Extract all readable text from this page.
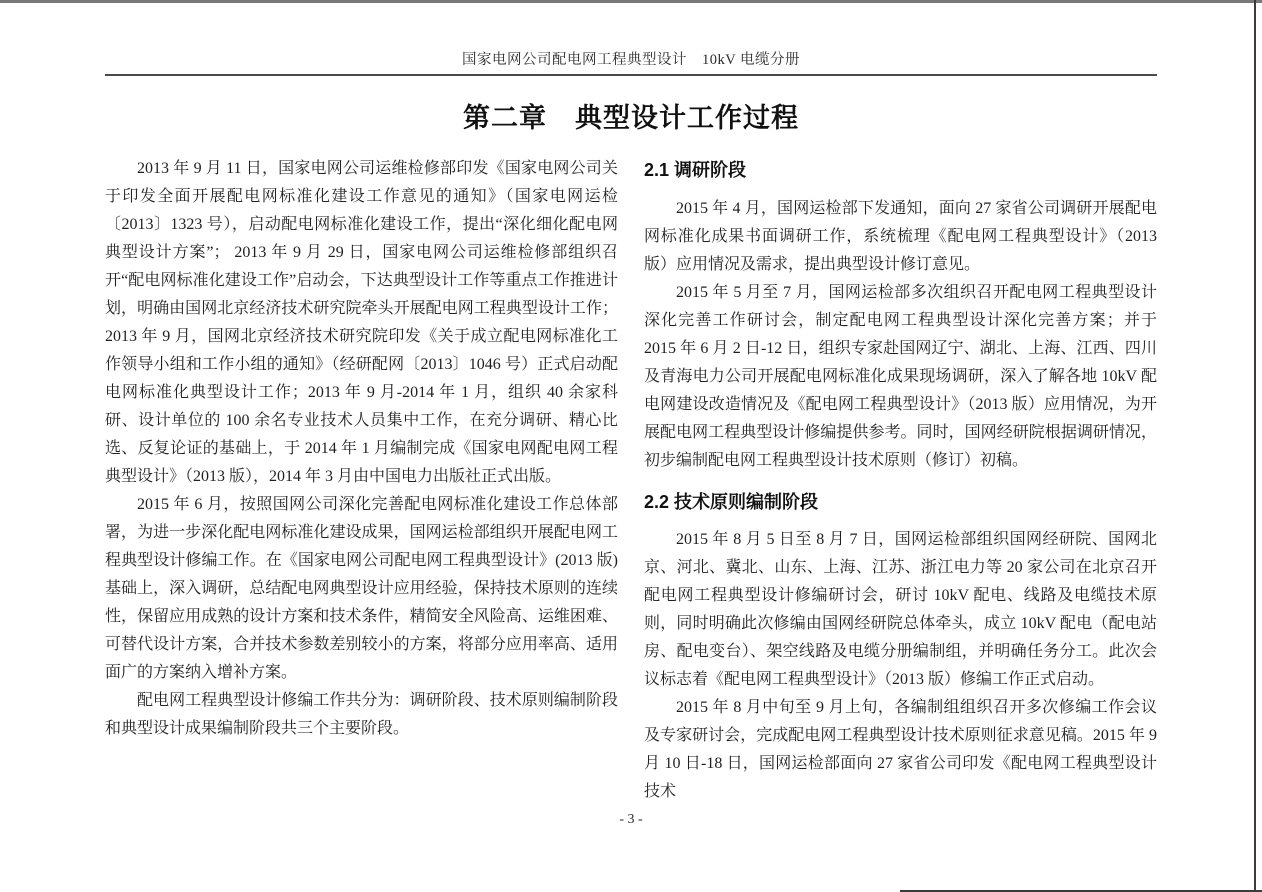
国家电网公司配电网工程典型设计　10kV 电缆分册
第二章　典型设计工作过程

2013 年 9 月 11 日，国家电网公司运维检修部印发《国家电网公司关于印发全面开展配电网标准化建设工作意见的通知》（国家电网运检〔2013〕1323 号），启动配电网标准化建设工作，提出“深化细化配电网典型设计方案”； 2013 年 9 月 29 日，国家电网公司运维检修部组织召开“配电网标准化建设工作”启动会，下达典型设计工作等重点工作推进计划，明确由国网北京经济技术研究院牵头开展配电网工程典型设计工作；2013 年 9 月，国网北京经济技术研究院印发《关于成立配电网标准化工作领导小组和工作小组的通知》（经研配网〔2013〕1046 号）正式启动配电网标准化典型设计工作；2013 年 9 月-2014 年 1 月，组织 40 余家科研、设计单位的 100 余名专业技术人员集中工作，在充分调研、精心比选、反复论证的基础上，于 2014 年 1 月编制完成《国家电网配电网工程典型设计》（2013 版），2014 年 3 月由中国电力出版社正式出版。

2015 年 6 月，按照国网公司深化完善配电网标准化建设工作总体部署，为进一步深化配电网标准化建设成果，国网运检部组织开展配电网工程典型设计修编工作。在《国家电网公司配电网工程典型设计》(2013 版)基础上，深入调研，总结配电网典型设计应用经验，保持技术原则的连续性，保留应用成熟的设计方案和技术条件，精简安全风险高、运维困难、可替代设计方案，合并技术参数差别较小的方案，将部分应用率高、适用面广的方案纳入增补方案。

配电网工程典型设计修编工作共分为：调研阶段、技术原则编制阶段和典型设计成果编制阶段共三个主要阶段。

2.1 调研阶段

2015 年 4 月，国网运检部下发通知，面向 27 家省公司调研开展配电网标准化成果书面调研工作，系统梳理《配电网工程典型设计》（2013 版）应用情况及需求，提出典型设计修订意见。

2015 年 5 月至 7 月，国网运检部多次组织召开配电网工程典型设计深化完善工作研讨会，制定配电网工程典型设计深化完善方案；并于 2015 年 6 月 2 日-12 日，组织专家赴国网辽宁、湖北、上海、江西、四川及青海电力公司开展配电网标准化成果现场调研，深入了解各地 10kV 配电网建设改造情况及《配电网工程典型设计》（2013 版）应用情况，为开展配电网工程典型设计修编提供参考。同时，国网经研院根据调研情况，初步编制配电网工程典型设计技术原则（修订）初稿。

2.2 技术原则编制阶段

2015 年 8 月 5 日至 8 月 7 日，国网运检部组织国网经研院、国网北京、河北、冀北、山东、上海、江苏、浙江电力等 20 家公司在北京召开配电网工程典型设计修编研讨会，研讨 10kV 配电、线路及电缆技术原则，同时明确此次修编由国网经研院总体牵头，成立 10kV 配电（配电站房、配电变台）、架空线路及电缆分册编制组，并明确任务分工。此次会议标志着《配电网工程典型设计》（2013 版）修编工作正式启动。

2015 年 8 月中旬至 9 月上旬，各编制组组织召开多次修编工作会议及专家研讨会，完成配电网工程典型设计技术原则征求意见稿。2015 年 9 月 10 日-18 日，国网运检部面向 27 家省公司印发《配电网工程典型设计技术

- 3 -
